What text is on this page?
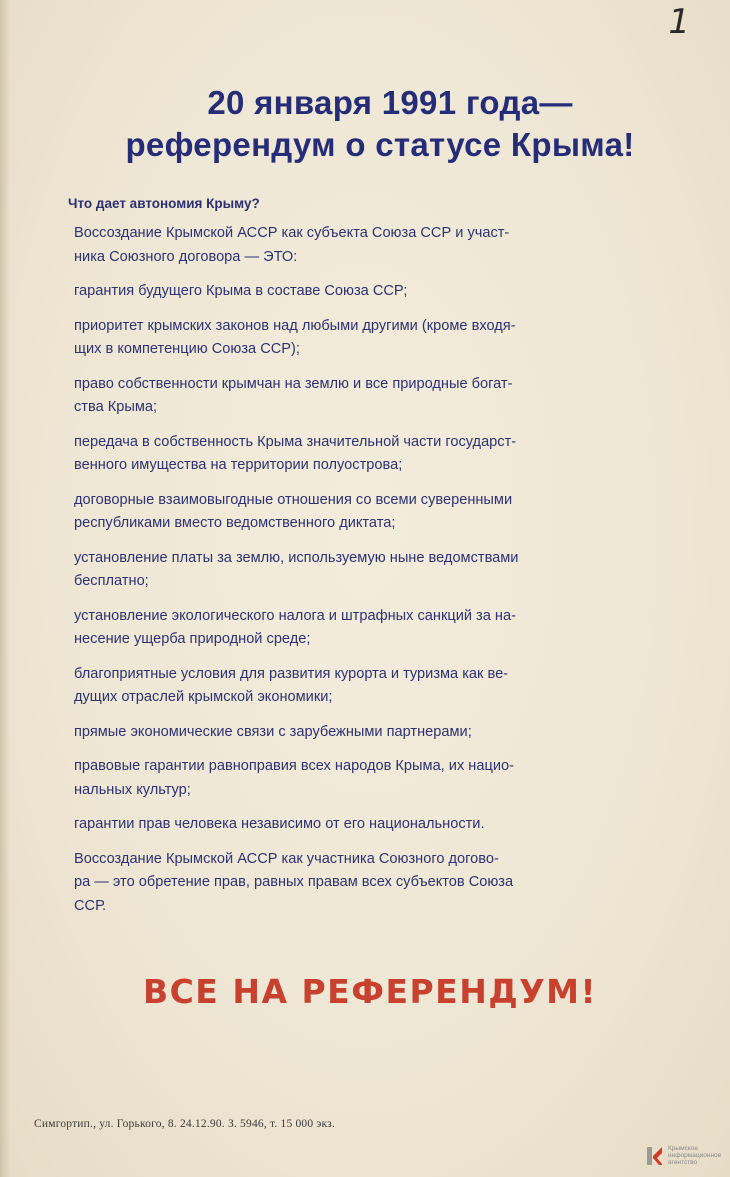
1
20 января 1991 года—
референдум о статусе Крыма!
Что дает автономия Крыму?

Воссоздание Крымской АССР как субъекта Союза ССР и участ-
ника Союзного договора — ЭТО:

гарантия будущего Крыма в составе Союза ССР;

приоритет крымских законов над любыми другими (кроме входя-
щих в компетенцию Союза ССР);

право собственности крымчан на землю и все природные богат-
ства Крыма;

передача в собственность Крыма значительной части государст-
венного имущества на территории полуострова;

договорные взаимовыгодные отношения со всеми суверенными
республиками вместо ведомственного диктата;

установление платы за землю, используемую ныне ведомствами
бесплатно;

установление экологического налога и штрафных санкций за на-
несение ущерба природной среде;

благоприятные условия для развития курорта и туризма как ве-
дущих отраслей крымской экономики;

прямые экономические связи с зарубежными партнерами;

правовые гарантии равноправия всех народов Крыма, их нацио-
нальных культур;

гарантии прав человека независимо от его национальности.

Воссоздание Крымской АССР как участника Союзного догово-
ра — это обретение прав, равных правам всех субъектов Союза
ССР.

ВСЕ НА РЕФЕРЕНДУМ!
Симгортип., ул. Горького, 8. 24.12.90. З. 5946, т. 15 000 экз.
Крымское
информационное
агентство
